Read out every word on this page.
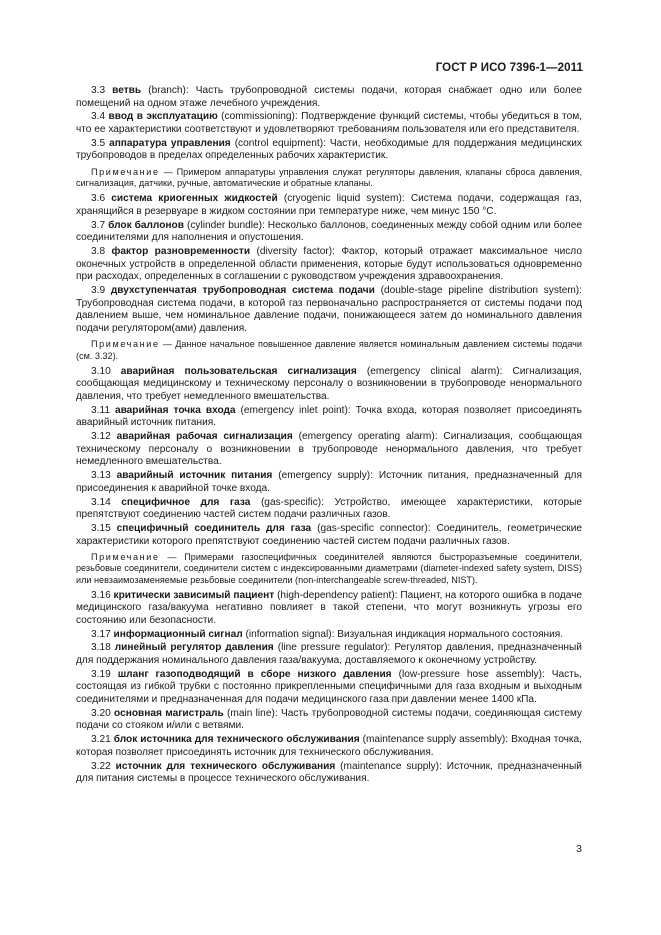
ГОСТ Р ИСО 7396-1—2011

3.3 ветвь (branch): Часть трубопроводной системы подачи, которая снабжает одно или более помещений на одном этаже лечебного учреждения.

3.4 ввод в эксплуатацию (commissioning): Подтверждение функций системы, чтобы убедиться в том, что ее характеристики соответствуют и удовлетворяют требованиям пользователя или его представителя.

3.5 аппаратура управления (control equipment): Части, необходимые для поддержания медицинских трубопроводов в пределах определенных рабочих характеристик.

Примечание — Примером аппаратуры управления служат регуляторы давления, клапаны сброса давления, сигнализация, датчики, ручные, автоматические и обратные клапаны.

3.6 система криогенных жидкостей (cryogenic liquid system): Система подачи, содержащая газ, хранящийся в резервуаре в жидком состоянии при температуре ниже, чем минус 150 °С.

3.7 блок баллонов (cylinder bundle): Несколько баллонов, соединенных между собой одним или более соединителями для наполнения и опустошения.

3.8 фактор разновременности (diversity factor): Фактор, который отражает максимальное число оконечных устройств в определенной области применения, которые будут использоваться одновременно при расходах, определенных в соглашении с руководством учреждения здравоохранения.

3.9 двухступенчатая трубопроводная система подачи (double-stage pipeline distribution system): Трубопроводная система подачи, в которой газ первоначально распространяется от системы подачи под давлением выше, чем номинальное давление подачи, понижающееся затем до номинального давления подачи регулятором(ами) давления.

Примечание — Данное начальное повышенное давление является номинальным давлением системы подачи (см. 3.32).

3.10 аварийная пользовательская сигнализация (emergency clinical alarm): Сигнализация, сообщающая медицинскому и техническому персоналу о возникновении в трубопроводе ненормального давления, что требует немедленного вмешательства.

3.11 аварийная точка входа (emergency inlet point): Точка входа, которая позволяет присоединять аварийный источник питания.

3.12 аварийная рабочая сигнализация (emergency operating alarm): Сигнализация, сообщающая техническому персоналу о возникновении в трубопроводе ненормального давления, что требует немедленного вмешательства.

3.13 аварийный источник питания (emergency supply): Источник питания, предназначенный для присоединения к аварийной точке входа.

3.14 специфичное для газа (gas-specific): Устройство, имеющее характеристики, которые препятствуют соединению частей систем подачи различных газов.

3.15 специфичный соединитель для газа (gas-specific connector): Соединитель, геометрические характеристики которого препятствуют соединению частей систем подачи различных газов.

Примечание — Примерами газоспецифичных соединителей являются быстроразъемные соединители, резьбовые соединители, соединители систем с индексированными диаметрами (diameter-indexed safety system, DISS) или невзаимозаменяемые резьбовые соединители (non-interchangeable screw-threaded, NIST).

3.16 критически зависимый пациент (high-dependency patient): Пациент, на которого ошибка в подаче медицинского газа/вакуума негативно повлияет в такой степени, что могут возникнуть угрозы его состоянию или безопасности.

3.17 информационный сигнал (information signal): Визуальная индикация нормального состояния.

3.18 линейный регулятор давления (line pressure regulator): Регулятор давления, предназначенный для поддержания номинального давления газа/вакуума, доставляемого к оконечному устройству.

3.19 шланг газоподводящий в сборе низкого давления (low-pressure hose assembly): Часть, состоящая из гибкой трубки с постоянно прикрепленными специфичными для газа входным и выходным соединителями и предназначенная для подачи медицинского газа при давлении менее 1400 кПа.

3.20 основная магистраль (main line): Часть трубопроводной системы подачи, соединяющая систему подачи со стояком и/или с ветвями.

3.21 блок источника для технического обслуживания (maintenance supply assembly): Входная точка, которая позволяет присоединять источник для технического обслуживания.

3.22 источник для технического обслуживания (maintenance supply): Источник, предназначенный для питания системы в процессе технического обслуживания.

3
